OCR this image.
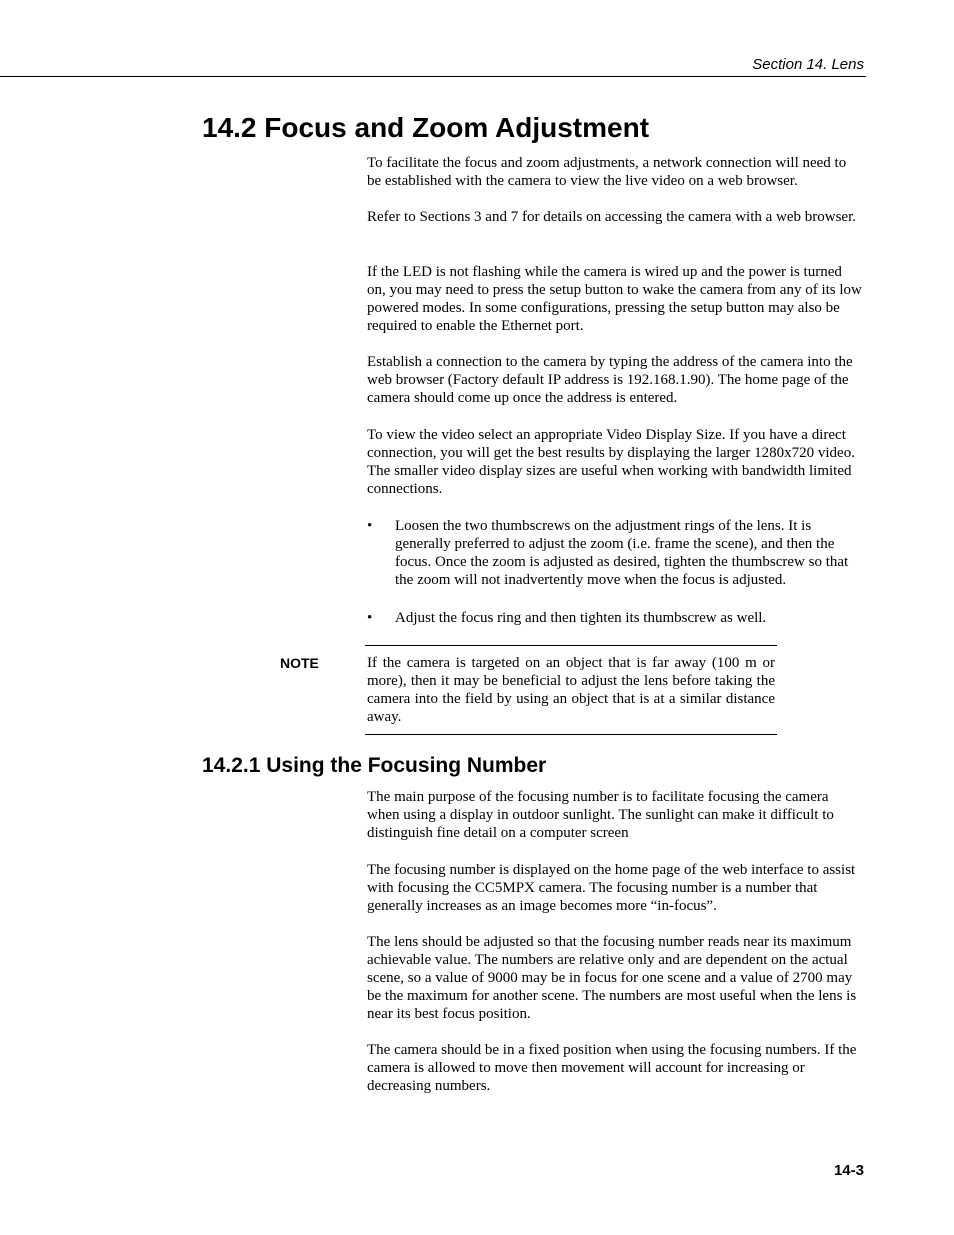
Section 14. Lens
14.2 Focus and Zoom Adjustment

To facilitate the focus and zoom adjustments, a network connection will need to be established with the camera to view the live video on a web browser.

Refer to Sections 3 and 7 for details on accessing the camera with a web browser.

If the LED is not flashing while the camera is wired up and the power is turned on, you may need to press the setup button to wake the camera from any of its low powered modes. In some configurations, pressing the setup button may also be required to enable the Ethernet port.

Establish a connection to the camera by typing the address of the camera into the web browser (Factory default IP address is 192.168.1.90). The home page of the camera should come up once the address is entered.

To view the video select an appropriate Video Display Size. If you have a direct connection, you will get the best results by displaying the larger 1280x720 video. The smaller video display sizes are useful when working with bandwidth limited connections.

• Loosen the two thumbscrews on the adjustment rings of the lens. It is generally preferred to adjust the zoom (i.e. frame the scene), and then the focus. Once the zoom is adjusted as desired, tighten the thumbscrew so that the zoom will not inadvertently move when the focus is adjusted.
• Adjust the focus ring and then tighten its thumbscrew as well.
NOTE	If the camera is targeted on an object that is far away (100 m or more), then it may be beneficial to adjust the lens before taking the camera into the field by using an object that is at a similar distance away.

14.2.1 Using the Focusing Number

The main purpose of the focusing number is to facilitate focusing the camera when using a display in outdoor sunlight. The sunlight can make it difficult to distinguish fine detail on a computer screen

The focusing number is displayed on the home page of the web interface to assist with focusing the CC5MPX camera. The focusing number is a number that generally increases as an image becomes more “in-focus”.

The lens should be adjusted so that the focusing number reads near its maximum achievable value. The numbers are relative only and are dependent on the actual scene, so a value of 9000 may be in focus for one scene and a value of 2700 may be the maximum for another scene. The numbers are most useful when the lens is near its best focus position.

The camera should be in a fixed position when using the focusing numbers. If the camera is allowed to move then movement will account for increasing or decreasing numbers.

14-3
